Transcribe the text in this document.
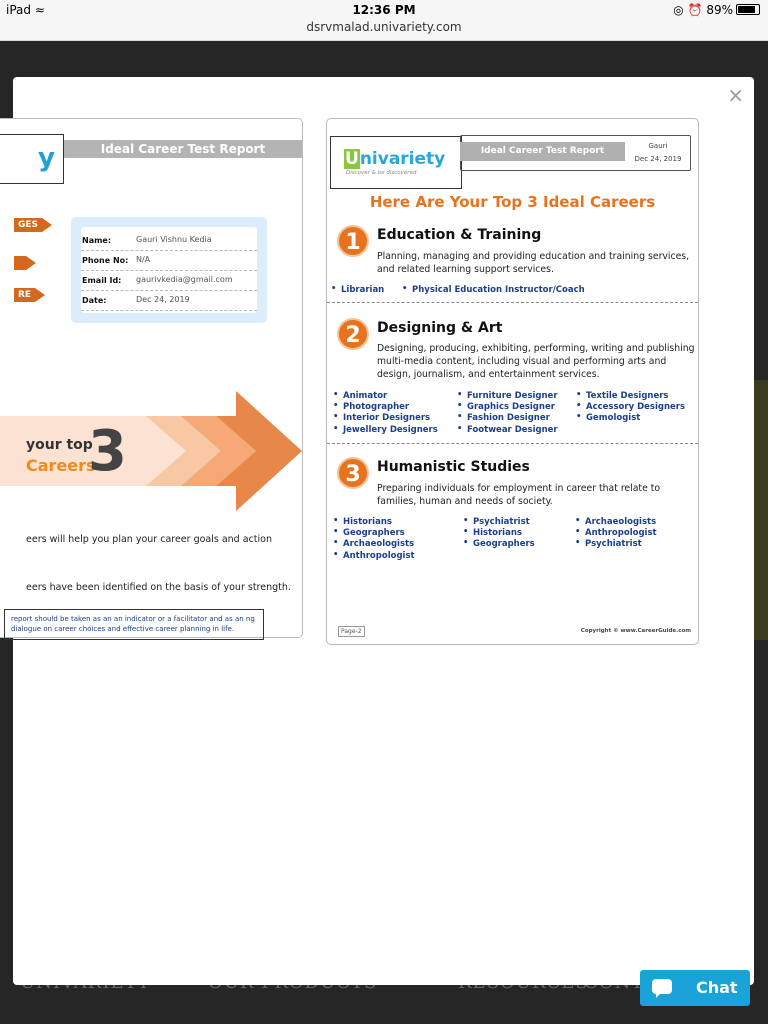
iPad ≈	12:36 PM
dsrvmalad.univariety.com
◎ ⏰ 89%
×
y	Ideal Career Test Report
GES
RE
Name:	Gauri Vishnu Kedia
Phone No: N/A
Email Id: gaurivkedia@gmail.com
Date:	Dec 24, 2019
your top
Careers
3
eers will help you plan your career goals and action
eers have been identified on the basis of your strength.
report should be taken as an an indicator or a facilitator and as an ng dialogue on career choices and effective career planning in life.
Univariety
Discover & be discovered
Ideal Career Test Report	Gauri
Dec 24, 2019
Here Are Your Top 3 Ideal Careers
1	Education & Training
Planning, managing and providing education and training services, and related learning support services.
• Librarian
•	Physical Education Instructor/Coach
2	Designing & Art
Designing, producing, exhibiting, performing, writing and publishing multi-media content, including visual and performing arts and design, journalism, and entertainment services.
• Animator
• Photographer
• Interior Designers
• Jewellery Designers
• Furniture Designer
• Graphics Designer
• Fashion Designer
• Footwear Designer
• Textile Designers
• Accessory Designers
• Gemologist
3	Humanistic Studies
Preparing individuals for employment in career that relate to families, human and needs of society.
• Historians
• Geographers
• Archaeologists
• Anthropologist
• Psychiatrist
• Historians
• Geographers
• Archaeologists
• Anthropologist
• Psychiatrist
Page-2	Copyright © www.CareerGuide.com
Chat
